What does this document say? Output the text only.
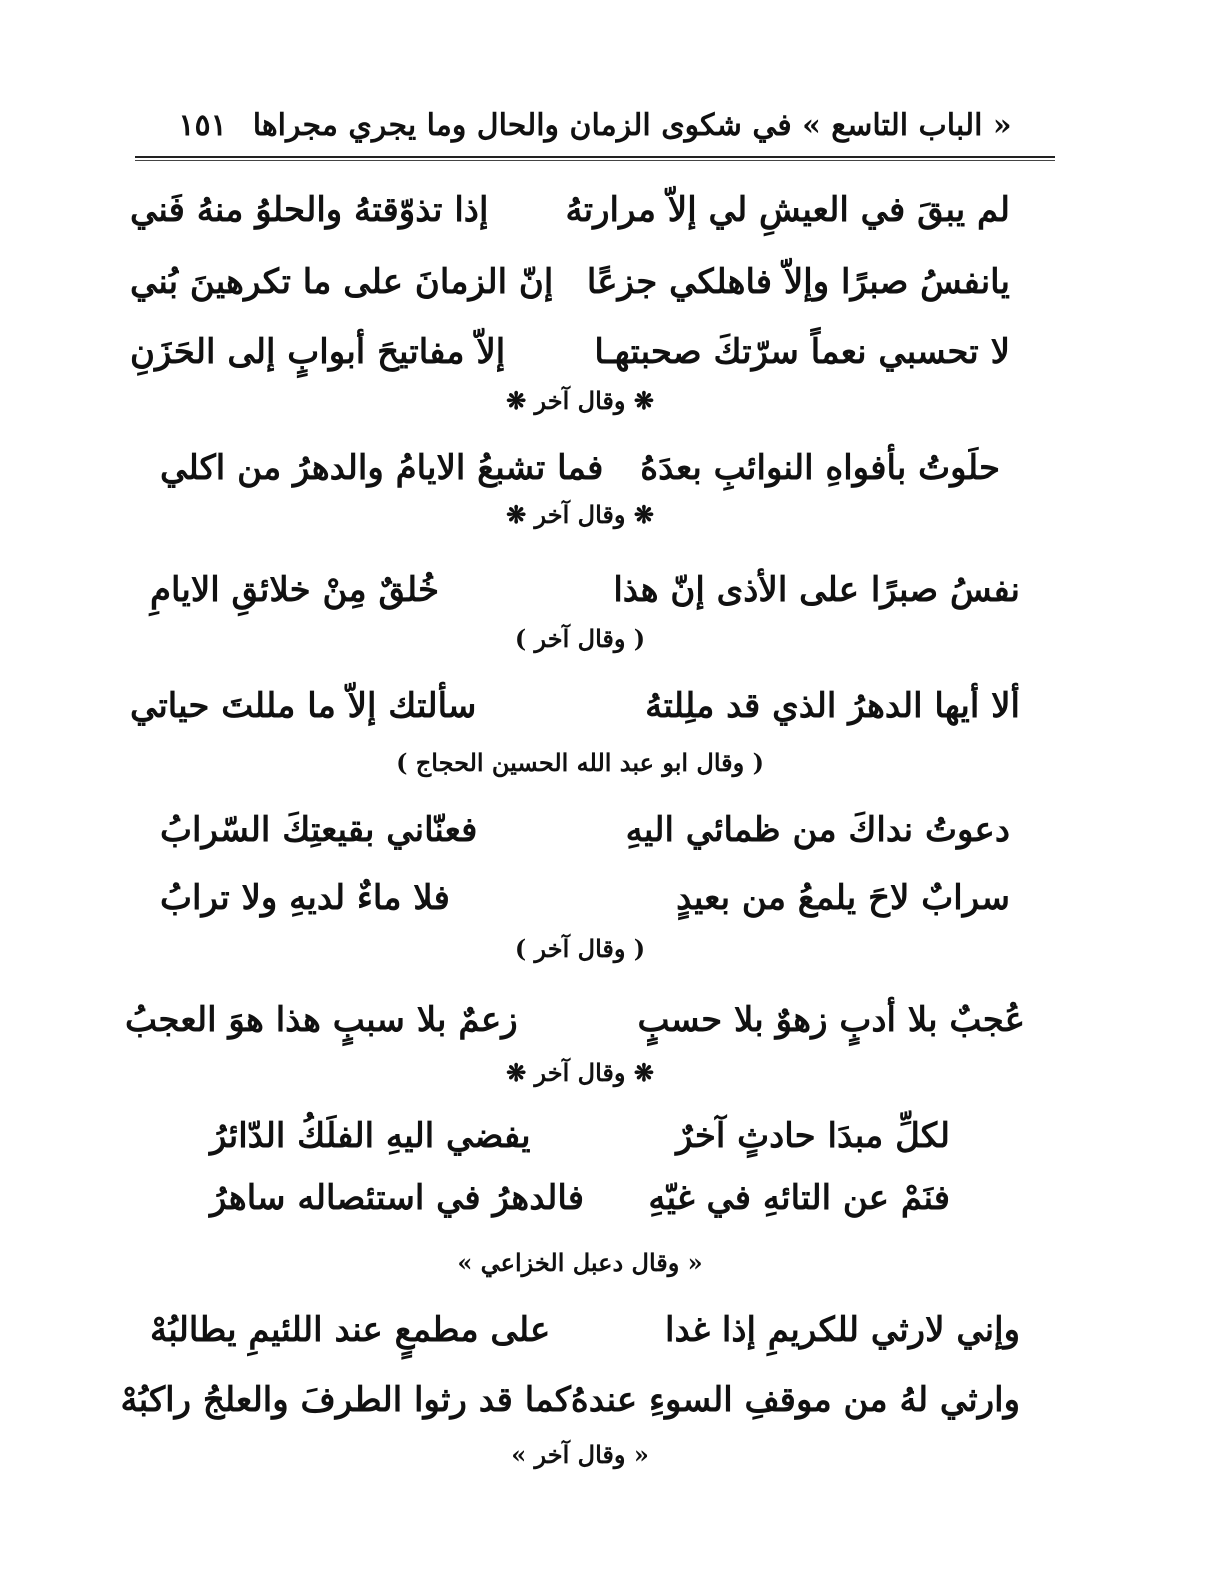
« الباب التاسع » في شكوى الزمان والحال وما يجري مجراها
١٥١
لم يبقَ في العيشِ لي إلاّ مرارتهُ
إذا تذوّقتهُ والحلوُ منهُ فَني
يانفسُ صبرًا وإلاّ فاهلكي جزعًا
إنّ الزمانَ على ما تكرهينَ بُني
لا تحسبي نعماً سرّتكَ صحبتهـا
إلاّ مفاتيحَ أبوابٍ إلى الحَزَنِ
❋ وقال آخر ❋
حلَوتُ بأفواهِ النوائبِ بعدَهُ
فما تشبعُ الايامُ والدهرُ من اكلي
❋ وقال آخر ❋
نفسُ صبرًا على الأذى إنّ هذا
خُلقٌ مِنْ خلائقِ الايامِ
( وقال آخر )
ألا أيها الدهرُ الذي قد ملِلتهُ
سألتك إلاّ ما مللتَ حياتي
( وقال ابو عبد الله الحسين الحجاج )
دعوتُ نداكَ من ظمائي اليهِ
فعنّاني بقيعتِكَ السّرابُ
سرابٌ لاحَ يلمعُ من بعيدٍ
فلا ماءٌ لديهِ ولا ترابُ
( وقال آخر )
عُجبٌ بلا أدبٍ زهوٌ بلا حسبٍ
زعمٌ بلا سببٍ هذا هوَ العجبُ
❋ وقال آخر ❋
لكلِّ مبدَا حادثٍ آخرٌ
يفضي اليهِ الفلَكُ الدّائرُ
فنَمْ عن التائهِ في غيّهِ
فالدهرُ في استئصاله ساهرُ
« وقال دعبل الخزاعي »
وإني لارثي للكريمِ إذا غدا
على مطمعٍ عند اللئيمِ يطالبُهْ
وارثي لهُ من موقفِ السوءِ عندهُ
كما قد رثوا الطرفَ والعلجُ راكبُهْ
« وقال آخر »
